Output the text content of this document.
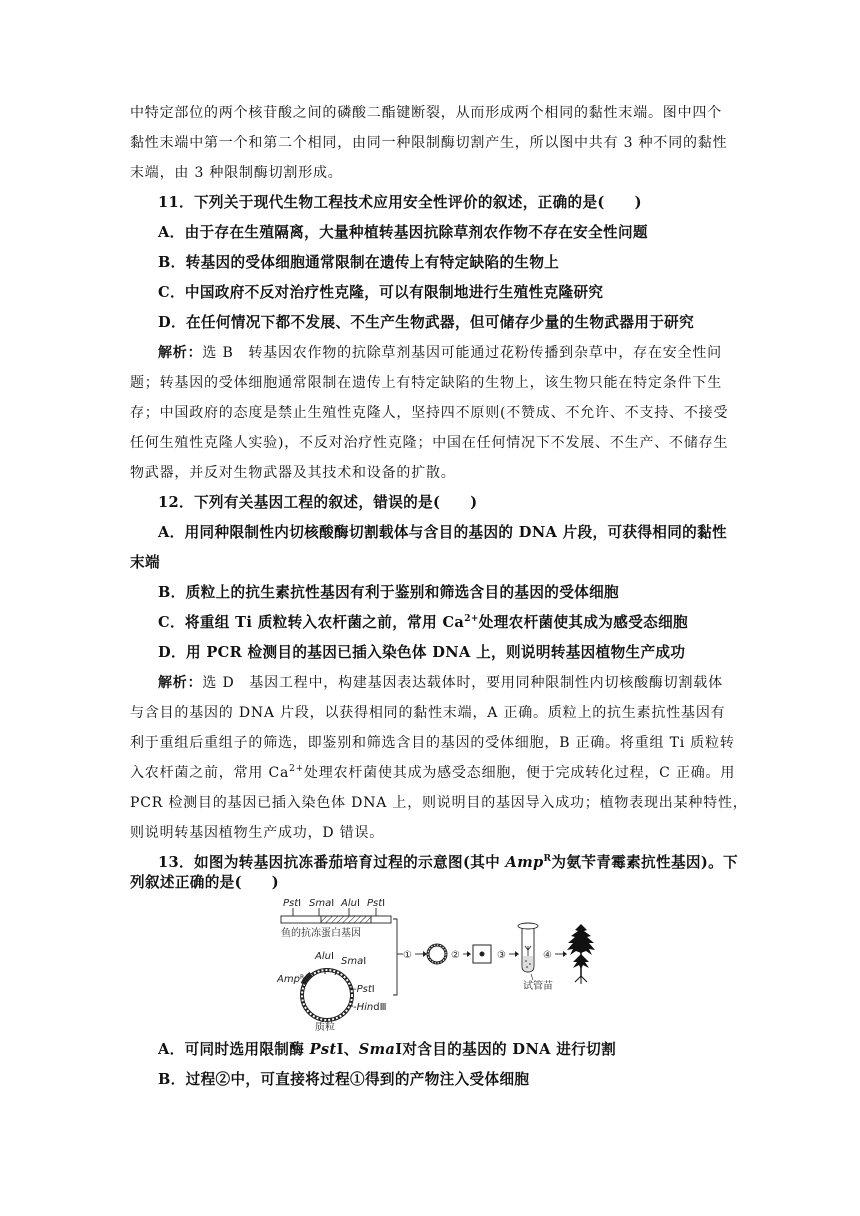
中特定部位的两个核苷酸之间的磷酸二酯键断裂，从而形成两个相同的黏性末端。图中四个
黏性末端中第一个和第二个相同，由同一种限制酶切割产生，所以图中共有 3 种不同的黏性
末端，由 3 种限制酶切割形成。
11．下列关于现代生物工程技术应用安全性评价的叙述，正确的是(　　)
A．由于存在生殖隔离，大量种植转基因抗除草剂农作物不存在安全性问题
B．转基因的受体细胞通常限制在遗传上有特定缺陷的生物上
C．中国政府不反对治疗性克隆，可以有限制地进行生殖性克隆研究
D．在任何情况下都不发展、不生产生物武器，但可储存少量的生物武器用于研究
解析：选 B　转基因农作物的抗除草剂基因可能通过花粉传播到杂草中，存在安全性问
题；转基因的受体细胞通常限制在遗传上有特定缺陷的生物上，该生物只能在特定条件下生
存；中国政府的态度是禁止生殖性克隆人，坚持四不原则(不赞成、不允许、不支持、不接受
任何生殖性克隆人实验)，不反对治疗性克隆；中国在任何情况下不发展、不生产、不储存生
物武器，并反对生物武器及其技术和设备的扩散。
12．下列有关基因工程的叙述，错误的是(　　)
A．用同种限制性内切核酸酶切割载体与含目的基因的 DNA 片段，可获得相同的黏性
末端
B．质粒上的抗生素抗性基因有利于鉴别和筛选含目的基因的受体细胞
C．将重组 Ti 质粒转入农杆菌之前，常用 $Ca^{2+}$处理农杆菌使其成为感受态细胞
D．用 PCR 检测目的基因已插入染色体 DNA 上，则说明转基因植物生产成功
解析：选 D　基因工程中，构建基因表达载体时，要用同种限制性内切核酸酶切割载体
与含目的基因的 DNA 片段，以获得相同的黏性末端，A 正确。质粒上的抗生素抗性基因有
利于重组后重组子的筛选，即鉴别和筛选含目的基因的受体细胞，B 正确。将重组 Ti 质粒转
入农杆菌之前，常用 $Ca^{2+}$处理农杆菌使其成为感受态细胞，便于完成转化过程，C 正确。用
PCR 检测目的基因已插入染色体 DNA 上，则说明目的基因导入成功；植物表现出某种特性，
则说明转基因植物生产成功，D 错误。
13．如图为转基因抗冻番茄培育过程的示意图(其中 Amp$^R$为氨苄青霉素抗性基因)。下
列叙述正确的是(　　)
PstⅠ SmaⅠ AluⅠ PstⅠ
鱼的抗冻蛋白基因
AluⅠ SmaⅠ
Amp$^R$
-PstⅠ
-HindⅢ
质粒
①	②	③
试管苗
④
A．可同时选用限制酶 PstⅠ、SmaⅠ对含目的基因的 DNA 进行切割
B．过程②中，可直接将过程①得到的产物注入受体细胞
